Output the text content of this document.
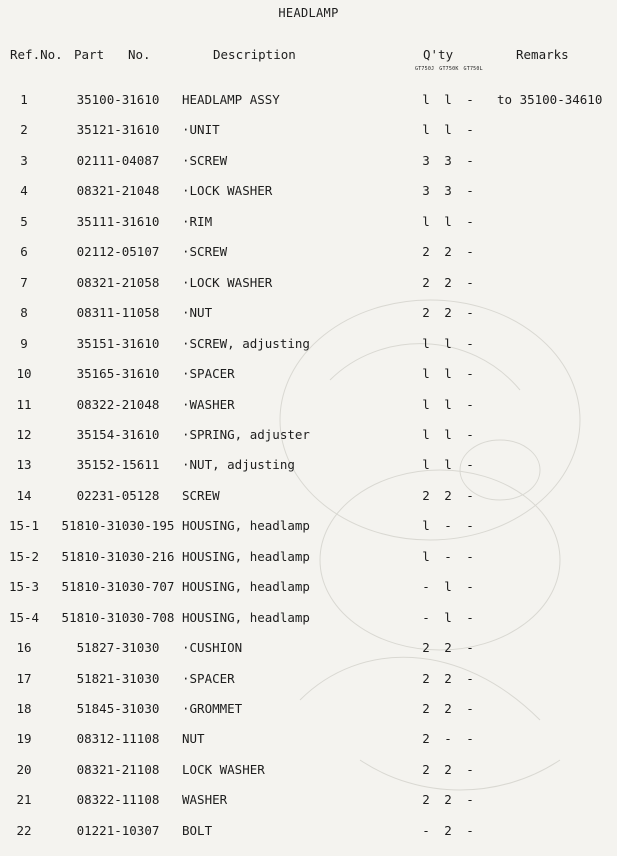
HEADLAMP
Ref.No. Part No.	Description	Q'ty	Remarks
GT750J GT750K GT750L
1	35100-31610	HEADLAMP ASSY	l l - to 35100-34610
2	35121-31610	·UNIT	l l -
3	02111-04087	·SCREW	3 3 -
4	08321-21048	·LOCK WASHER	3 3 -
5	35111-31610	·RIM	l l -
6	02112-05107	·SCREW	2 2 -
7	08321-21058	·LOCK WASHER	2 2 -
8	08311-11058	·NUT	2 2 -
9	35151-31610	·SCREW, adjusting	l l -
10	35165-31610	·SPACER	l l -
11	08322-21048	·WASHER	l l -
12	35154-31610	·SPRING, adjuster	l l -
13	35152-15611	·NUT, adjusting	l l -
14	02231-05128	SCREW	2 2 -
15-1	51810-31030-195 HOUSING, headlamp	l - -
15-2	51810-31030-216 HOUSING, headlamp	l - -
15-3	51810-31030-707 HOUSING, headlamp	- l -
15-4	51810-31030-708 HOUSING, headlamp	- l -
16	51827-31030	·CUSHION	2 2 -
17	51821-31030	·SPACER	2 2 -
18	51845-31030	·GROMMET	2 2 -
19	08312-11108	NUT	2 - -
20	08321-21108	LOCK WASHER	2 2 -
21	08322-11108	WASHER	2 2 -
22	01221-10307	BOLT	- 2 -
